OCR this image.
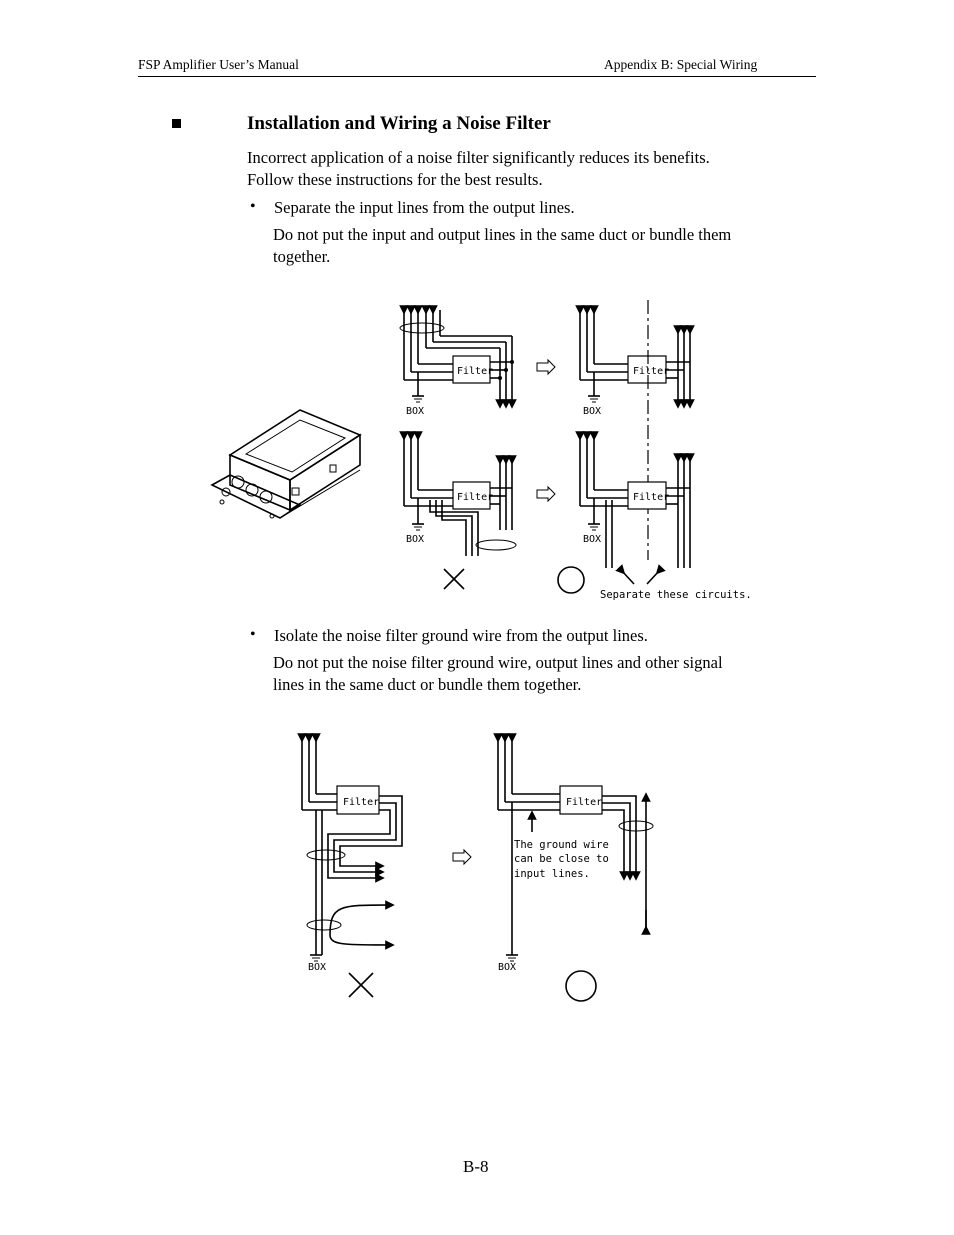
FSP Amplifier User’s Manual	Appendix B: Special Wiring
Installation and Wiring a Noise Filter
Incorrect application of a noise filter significantly reduces its benefits.
Follow these instructions for the best results.
• Separate the input lines from the output lines.
Do not put the input and output lines in the same duct or bundle them
together.
Filter
BOX
Filter
BOX
Filter
BOX
Filter
BOX
Separate these circuits.
Filter
BOX
Filter
BOX
The ground wire
can be close to
input lines.
• Isolate the noise filter ground wire from the output lines.
Do not put the noise filter ground wire, output lines and other signal
lines in the same duct or bundle them together.
B-8
